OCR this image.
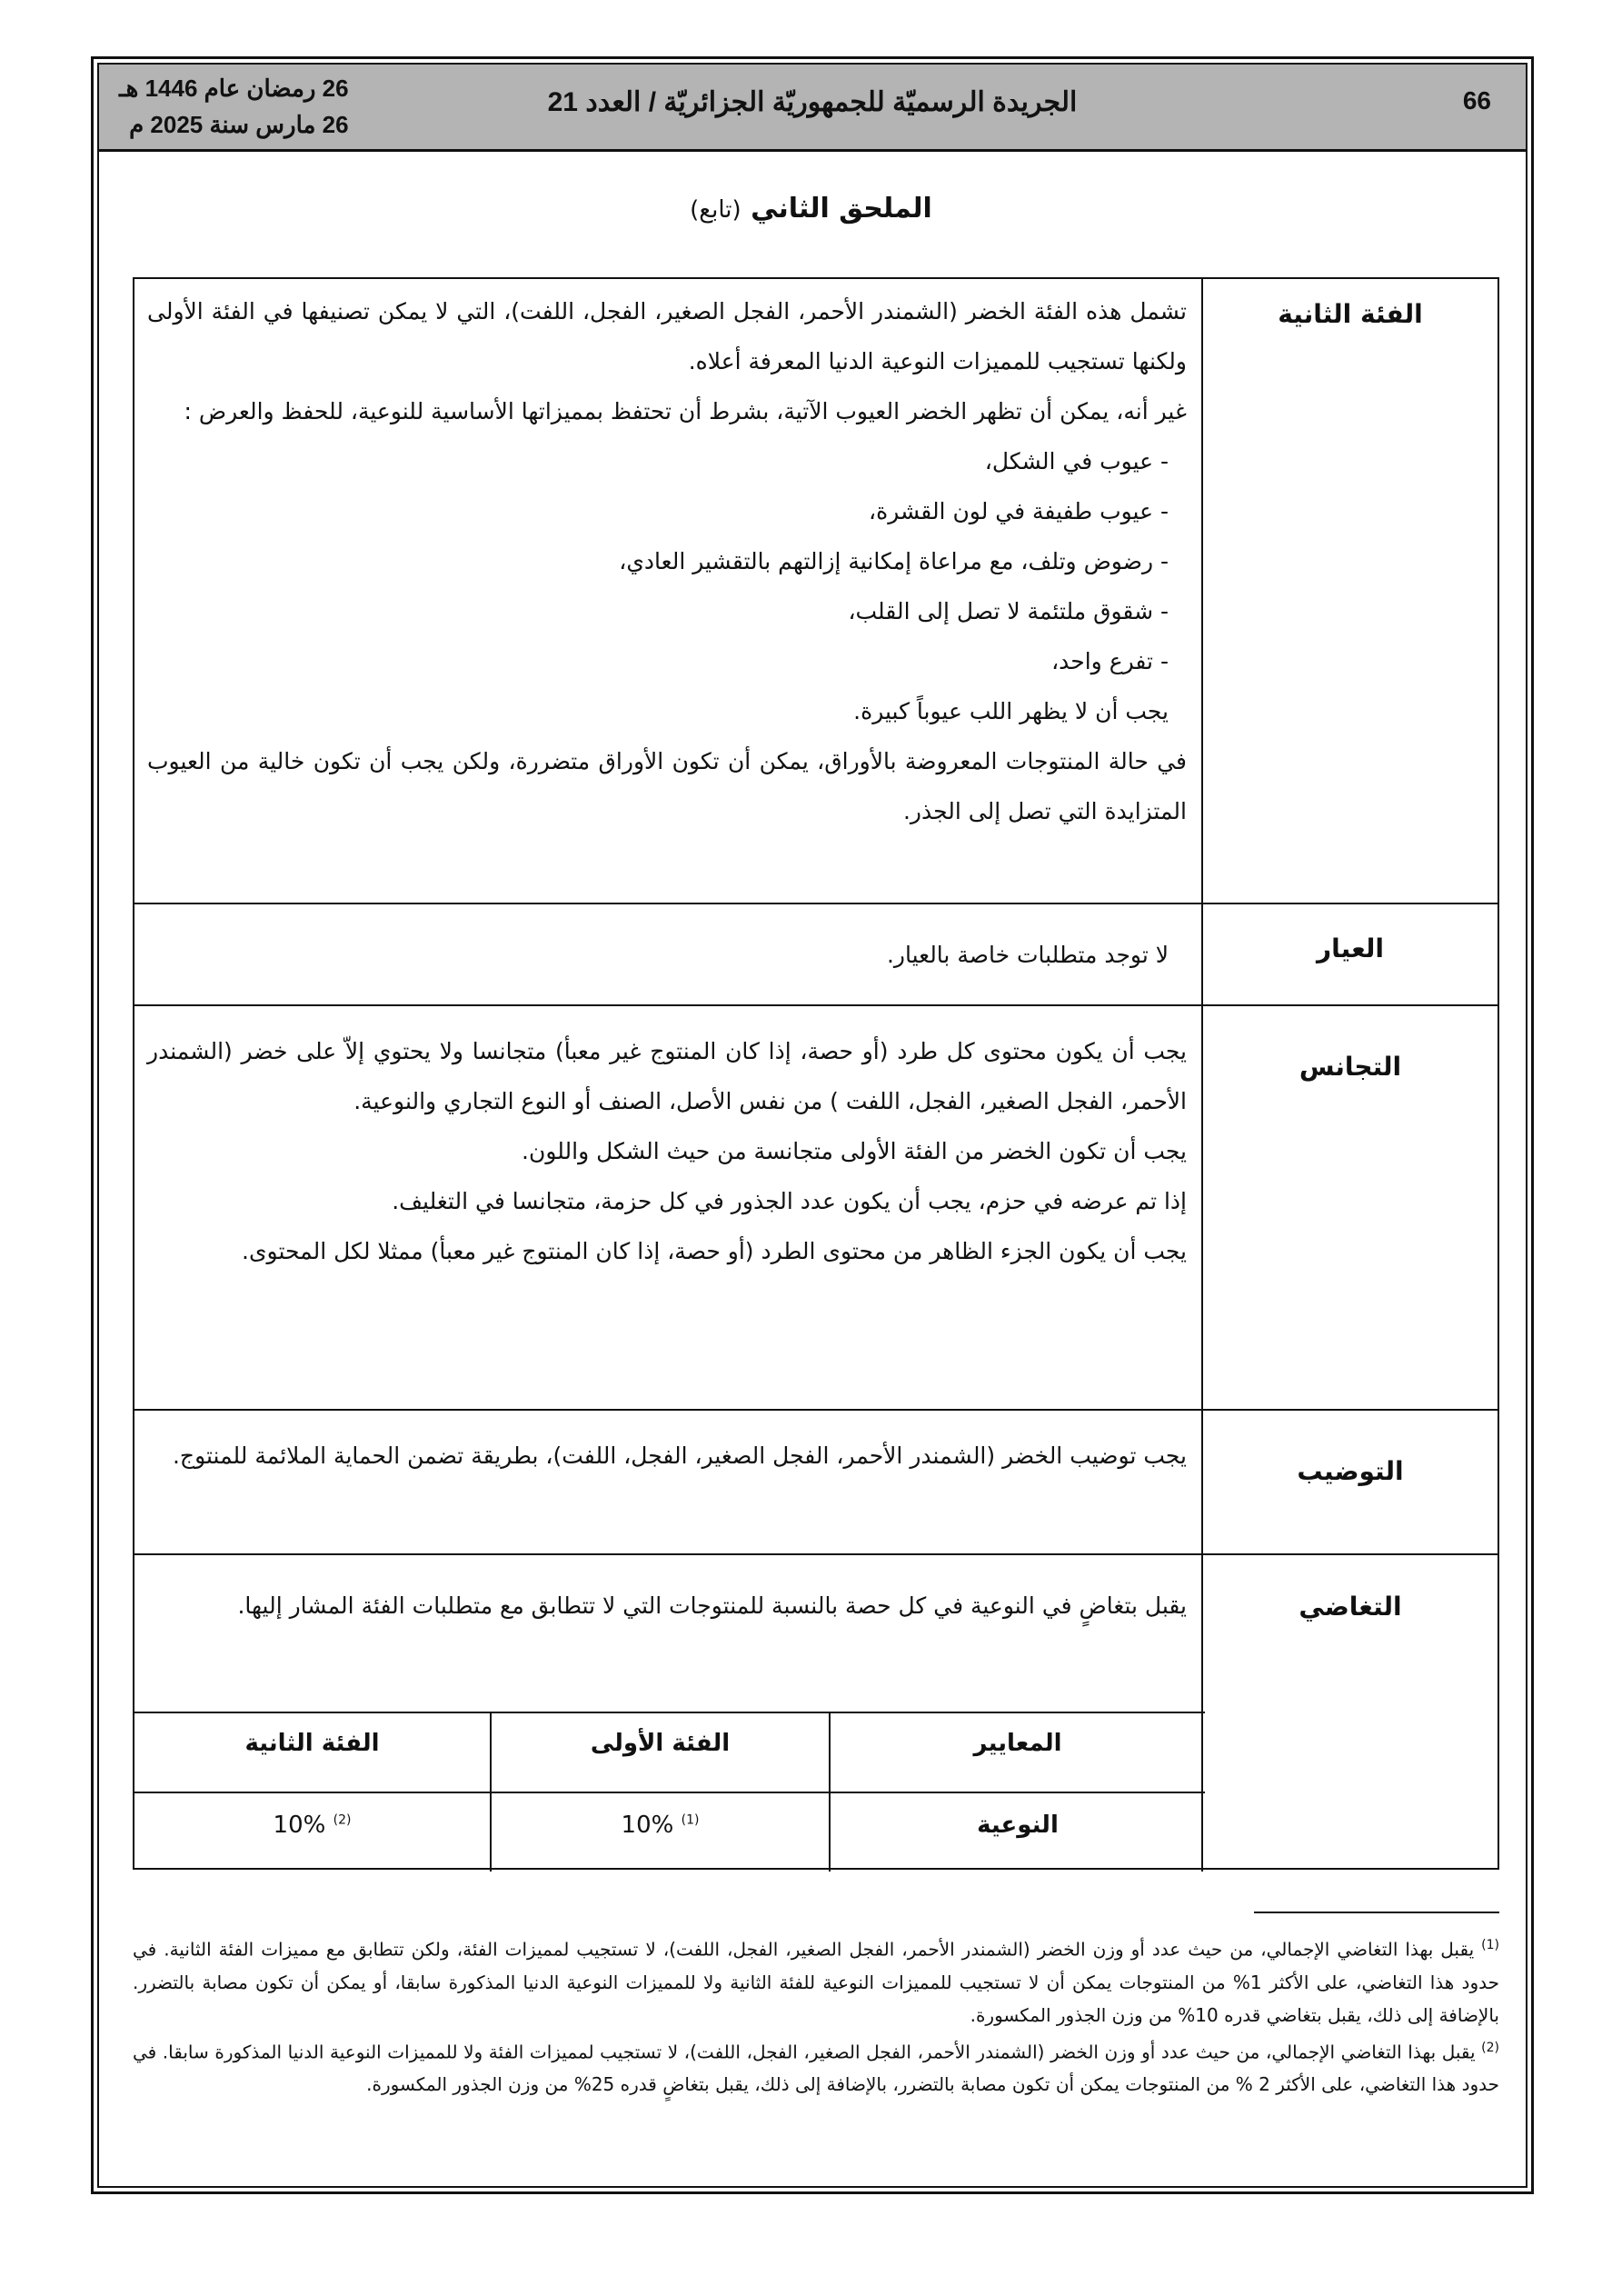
66
الجريدة الرسميّة للجمهوريّة الجزائريّة / العدد 21
26 رمضان عام 1446 هـ
26 مارس سنة 2025 م
الملحق الثاني (تابع)
الفئة الثانية

تشمل هذه الفئة الخضر (الشمندر الأحمر، الفجل الصغير، الفجل، اللفت)، التي لا يمكن تصنيفها في الفئة الأولى ولكنها تستجيب للمميزات النوعية الدنيا المعرفة أعلاه.

غير أنه، يمكن أن تظهر الخضر العيوب الآتية، بشرط أن تحتفظ بمميزاتها الأساسية للنوعية، للحفظ والعرض :

- عيوب في الشكل،

- عيوب طفيفة في لون القشرة،

- رضوض وتلف، مع مراعاة إمكانية إزالتهم بالتقشير العادي،

- شقوق ملتئمة لا تصل إلى القلب،

- تفرع واحد،

يجب أن لا يظهر اللب عيوباً كبيرة.

في حالة المنتوجات المعروضة بالأوراق، يمكن أن تكون الأوراق متضررة، ولكن يجب أن تكون خالية من العيوب المتزايدة التي تصل إلى الجذر.

العيار

لا توجد متطلبات خاصة بالعيار.

التجانس

يجب أن يكون محتوى كل طرد (أو حصة، إذا كان المنتوج غير معبأ) متجانسا ولا يحتوي إلاّ على خضر (الشمندر الأحمر، الفجل الصغير، الفجل، اللفت ) من نفس الأصل، الصنف أو النوع التجاري والنوعية.

يجب أن تكون الخضر من الفئة الأولى متجانسة من حيث الشكل واللون.

إذا تم عرضه في حزم، يجب أن يكون عدد الجذور في كل حزمة، متجانسا في التغليف.

يجب أن يكون الجزء الظاهر من محتوى الطرد (أو حصة، إذا كان المنتوج غير معبأ) ممثلا لكل المحتوى.

التوضيب

يجب توضيب الخضر (الشمندر الأحمر، الفجل الصغير، الفجل، اللفت)، بطريقة تضمن الحماية الملائمة للمنتوج.

التغاضي

يقبل بتغاضٍ في النوعية في كل حصة بالنسبة للمنتوجات التي لا تتطابق مع متطلبات الفئة المشار إليها.

المعايير
الفئة الأولى
الفئة الثانية
النوعية
$^{(1)}$ 10%
$^{(2)}$ 10%

$^{(1)}$ يقبل بهذا التغاضي الإجمالي، من حيث عدد أو وزن الخضر (الشمندر الأحمر، الفجل الصغير، الفجل، اللفت)، لا تستجيب لمميزات الفئة، ولكن تتطابق مع مميزات الفئة الثانية. في حدود هذا التغاضي، على الأكثر 1% من المنتوجات يمكن أن لا تستجيب للمميزات النوعية للفئة الثانية ولا للمميزات النوعية الدنيا المذكورة سابقا، أو يمكن أن تكون مصابة بالتضرر. بالإضافة إلى ذلك، يقبل بتغاضي قدره 10% من وزن الجذور المكسورة.

$^{(2)}$ يقبل بهذا التغاضي الإجمالي، من حيث عدد أو وزن الخضر (الشمندر الأحمر، الفجل الصغير، الفجل، اللفت)، لا تستجيب لمميزات الفئة ولا للمميزات النوعية الدنيا المذكورة سابقا. في حدود هذا التغاضي، على الأكثر 2 % من المنتوجات يمكن أن تكون مصابة بالتضرر، بالإضافة إلى ذلك، يقبل بتغاضٍ قدره 25% من وزن الجذور المكسورة.
